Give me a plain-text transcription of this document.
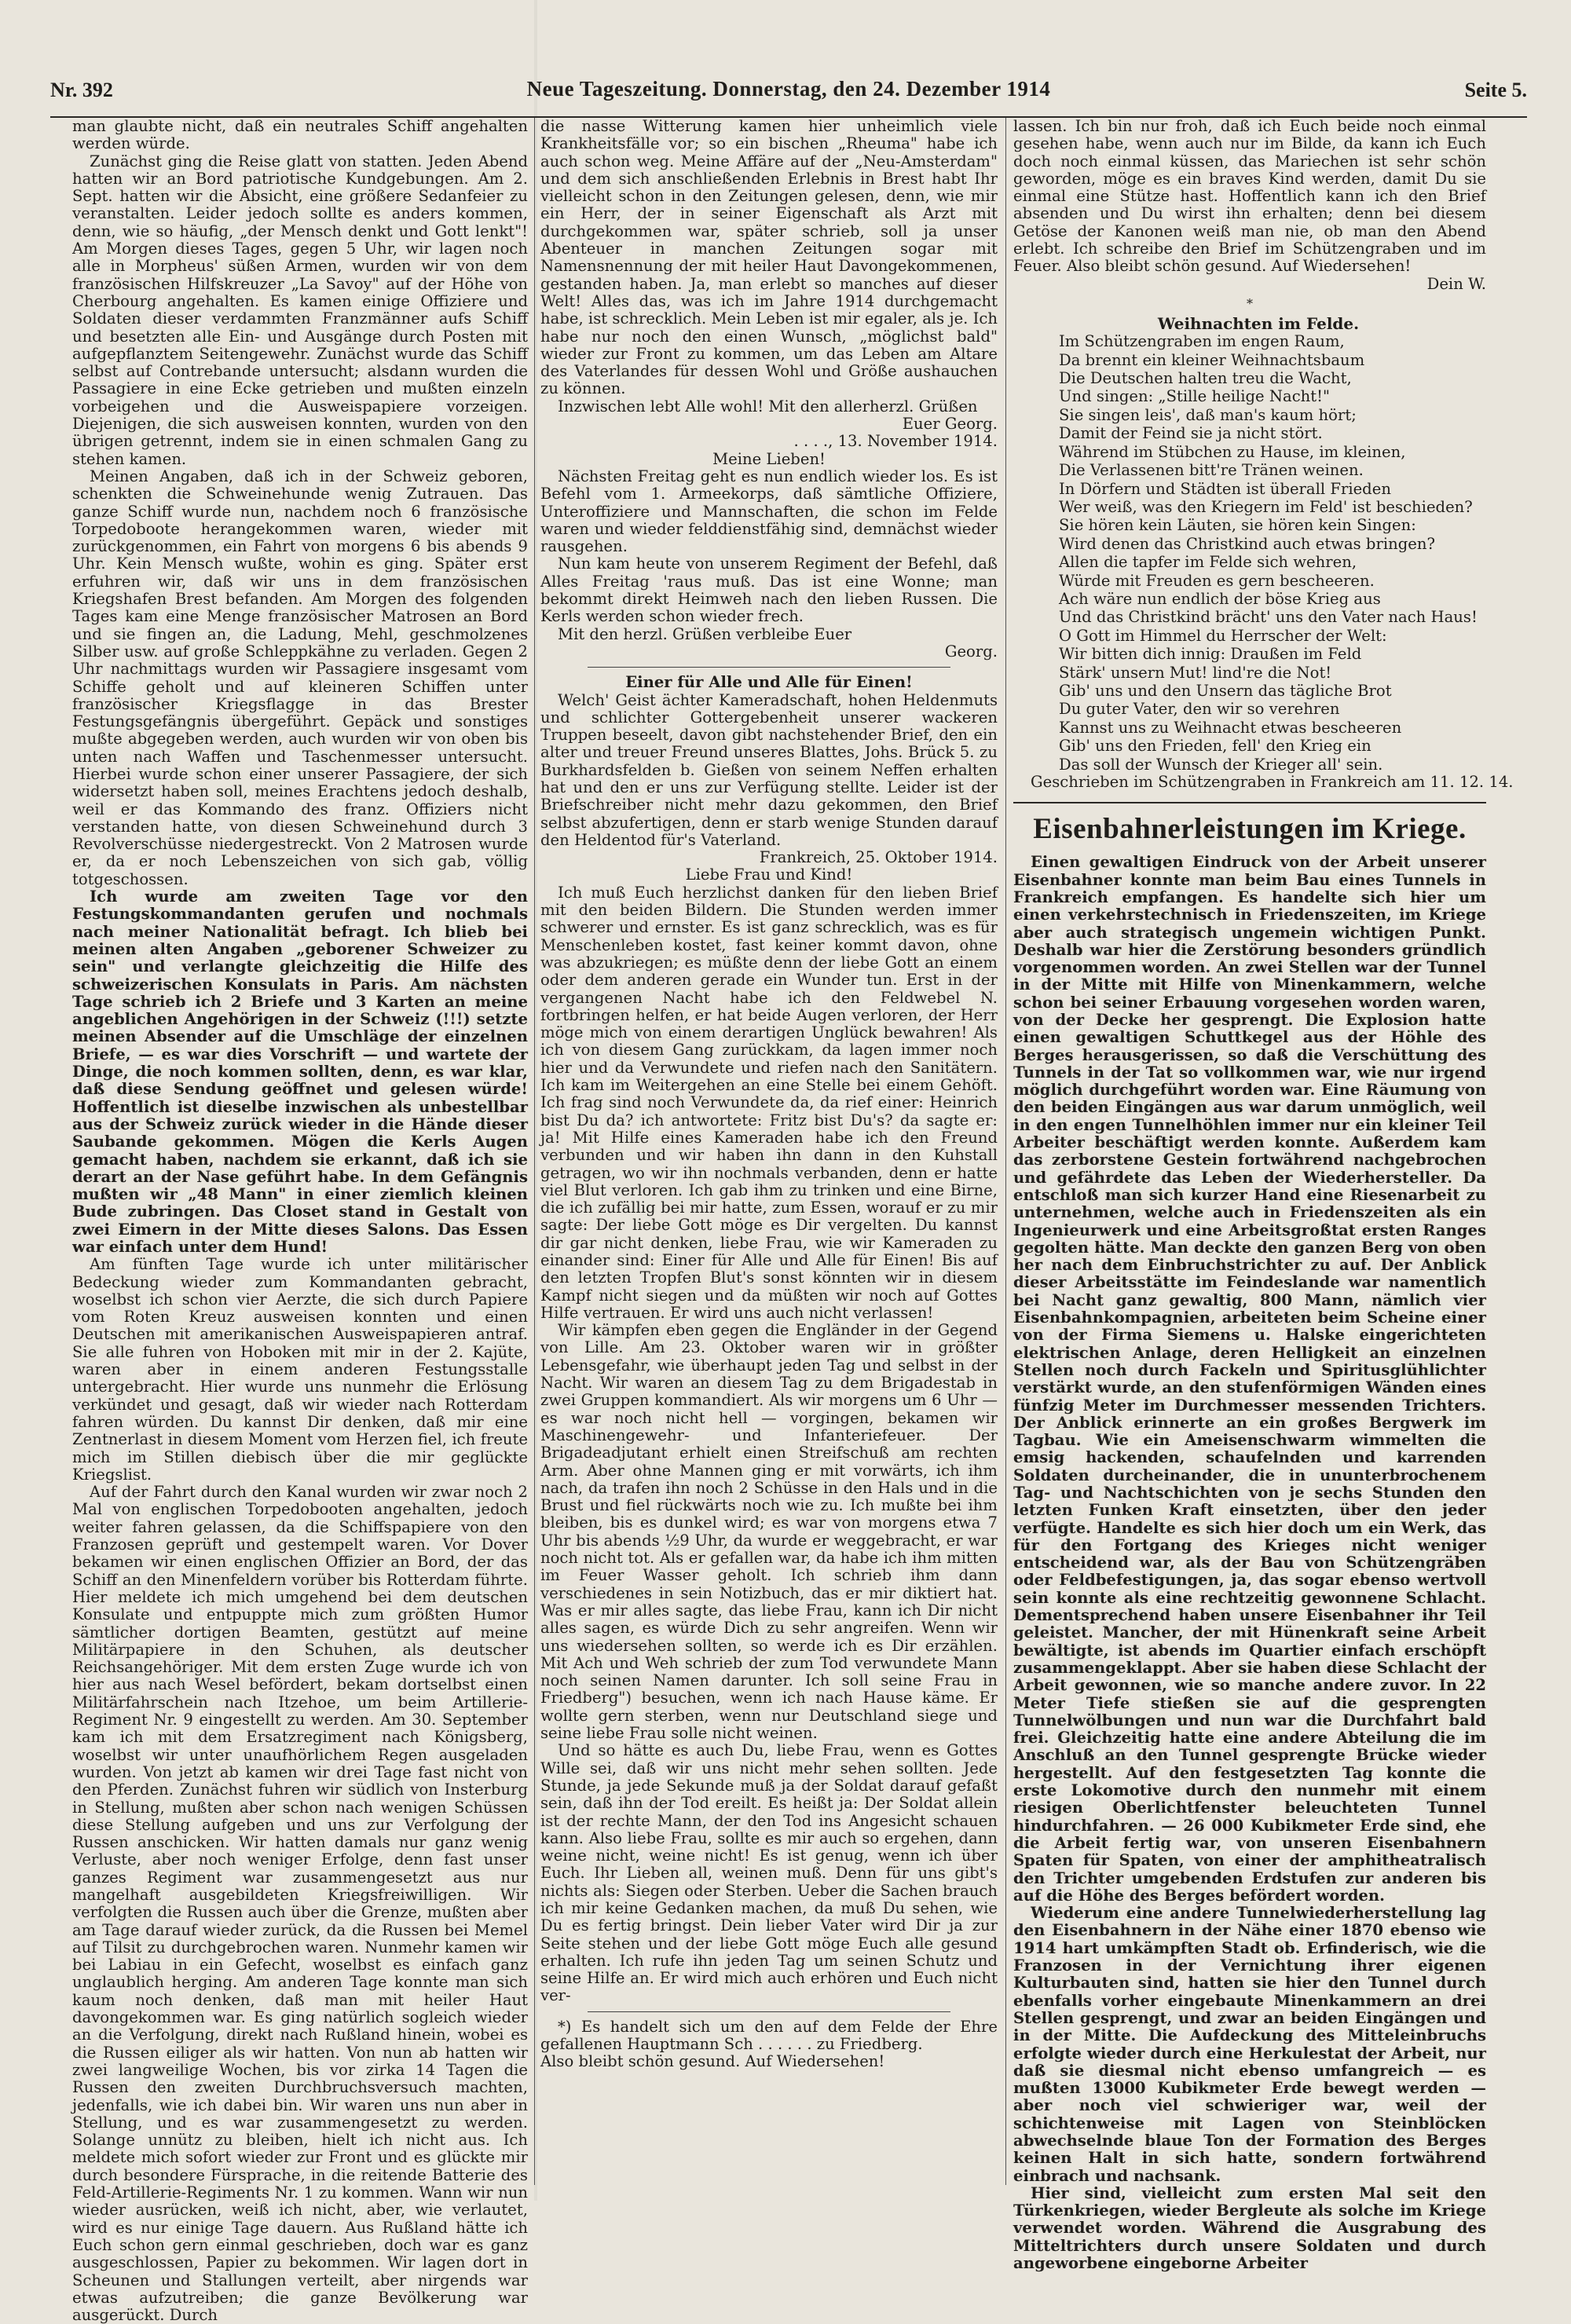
Nr. 392	Neue Tageszeitung. Donnerstag, den 24. Dezember 1914	Seite 5.

man glaubte nicht, daß ein neutrales Schiff angehalten werden würde.

Zunächst ging die Reise glatt von statten. Jeden Abend hatten wir an Bord patriotische Kundgebungen. Am 2. Sept. hatten wir die Absicht, eine größere Sedanfeier zu veranstalten. Leider jedoch sollte es anders kommen, denn, wie so häufig, „der Mensch denkt und Gott lenkt"! Am Morgen dieses Tages, gegen 5 Uhr, wir lagen noch alle in Morpheus' süßen Armen, wurden wir von dem französischen Hilfskreuzer „La Savoy" auf der Höhe von Cherbourg angehalten. Es kamen einige Offiziere und Soldaten dieser verdammten Franzmänner aufs Schiff und besetzten alle Ein- und Ausgänge durch Posten mit aufgepflanztem Seitengewehr. Zunächst wurde das Schiff selbst auf Contrebande untersucht; alsdann wurden die Passagiere in eine Ecke getrieben und mußten einzeln vorbeigehen und die Ausweispapiere vorzeigen. Diejenigen, die sich ausweisen konnten, wurden von den übrigen getrennt, indem sie in einen schmalen Gang zu stehen kamen.

Meinen Angaben, daß ich in der Schweiz geboren, schenkten die Schweinehunde wenig Zutrauen. Das ganze Schiff wurde nun, nachdem noch 6 französische Torpedoboote herangekommen waren, wieder mit zurückgenommen, ein Fahrt von morgens 6 bis abends 9 Uhr. Kein Mensch wußte, wohin es ging. Später erst erfuhren wir, daß wir uns in dem französischen Kriegshafen Brest befanden. Am Morgen des folgenden Tages kam eine Menge französischer Matrosen an Bord und sie fingen an, die Ladung, Mehl, geschmolzenes Silber usw. auf große Schleppkähne zu verladen. Gegen 2 Uhr nachmittags wurden wir Passagiere insgesamt vom Schiffe geholt und auf kleineren Schiffen unter französischer Kriegsflagge in das Brester Festungsgefängnis übergeführt. Gepäck und sonstiges mußte abgegeben werden, auch wurden wir von oben bis unten nach Waffen und Taschenmesser untersucht. Hierbei wurde schon einer unserer Passagiere, der sich widersetzt haben soll, meines Erachtens jedoch deshalb, weil er das Kommando des franz. Offiziers nicht verstanden hatte, von diesen Schweinehund durch 3 Revolverschüsse niedergestreckt. Von 2 Matrosen wurde er, da er noch Lebenszeichen von sich gab, völlig totgeschossen.

Ich wurde am zweiten Tage vor den Festungskommandanten gerufen und nochmals nach meiner Nationalität befragt. Ich blieb bei meinen alten Angaben „geborener Schweizer zu sein" und verlangte gleichzeitig die Hilfe des schweizerischen Konsulats in Paris. Am nächsten Tage schrieb ich 2 Briefe und 3 Karten an meine angeblichen Angehörigen in der Schweiz (!!!) setzte meinen Absender auf die Umschläge der einzelnen Briefe, — es war dies Vorschrift — und wartete der Dinge, die noch kommen sollten, denn, es war klar, daß diese Sendung geöffnet und gelesen würde! Hoffentlich ist dieselbe inzwischen als unbestellbar aus der Schweiz zurück wieder in die Hände dieser Saubande gekommen. Mögen die Kerls Augen gemacht haben, nachdem sie erkannt, daß ich sie derart an der Nase geführt habe. In dem Gefängnis mußten wir „48 Mann" in einer ziemlich kleinen Bude zubringen. Das Closet stand in Gestalt von zwei Eimern in der Mitte dieses Salons. Das Essen war einfach unter dem Hund!

Am fünften Tage wurde ich unter militärischer Bedeckung wieder zum Kommandanten gebracht, woselbst ich schon vier Aerzte, die sich durch Papiere vom Roten Kreuz ausweisen konnten und einen Deutschen mit amerikanischen Ausweispapieren antraf. Sie alle fuhren von Hoboken mit mir in der 2. Kajüte, waren aber in einem anderen Festungsstalle untergebracht. Hier wurde uns nunmehr die Erlösung verkündet und gesagt, daß wir wieder nach Rotterdam fahren würden. Du kannst Dir denken, daß mir eine Zentnerlast in diesem Moment vom Herzen fiel, ich freute mich im Stillen diebisch über die mir geglückte Kriegslist.

Auf der Fahrt durch den Kanal wurden wir zwar noch 2 Mal von englischen Torpedobooten angehalten, jedoch weiter fahren gelassen, da die Schiffspapiere von den Franzosen geprüft und gestempelt waren. Vor Dover bekamen wir einen englischen Offizier an Bord, der das Schiff an den Minenfeldern vorüber bis Rotterdam führte. Hier meldete ich mich umgehend bei dem deutschen Konsulate und entpuppte mich zum größten Humor sämtlicher dortigen Beamten, gestützt auf meine Militärpapiere in den Schuhen, als deutscher Reichsangehöriger. Mit dem ersten Zuge wurde ich von hier aus nach Wesel befördert, bekam dortselbst einen Militärfahrschein nach Itzehoe, um beim Artillerie-Regiment Nr. 9 eingestellt zu werden. Am 30. September kam ich mit dem Ersatzregiment nach Königsberg, woselbst wir unter unaufhörlichem Regen ausgeladen wurden. Von jetzt ab kamen wir drei Tage fast nicht von den Pferden. Zunächst fuhren wir südlich von Insterburg in Stellung, mußten aber schon nach wenigen Schüssen diese Stellung aufgeben und uns zur Verfolgung der Russen anschicken. Wir hatten damals nur ganz wenig Verluste, aber noch weniger Erfolge, denn fast unser ganzes Regiment war zusammengesetzt aus nur mangelhaft ausgebildeten Kriegsfreiwilligen. Wir verfolgten die Russen auch über die Grenze, mußten aber am Tage darauf wieder zurück, da die Russen bei Memel auf Tilsit zu durchgebrochen waren. Nunmehr kamen wir bei Labiau in ein Gefecht, woselbst es einfach ganz unglaublich herging. Am anderen Tage konnte man sich kaum noch denken, daß man mit heiler Haut davongekommen war. Es ging natürlich sogleich wieder an die Verfolgung, direkt nach Rußland hinein, wobei es die Russen eiliger als wir hatten. Von nun ab hatten wir zwei langweilige Wochen, bis vor zirka 14 Tagen die Russen den zweiten Durchbruchsversuch machten, jedenfalls, wie ich dabei bin. Wir waren uns nun aber in Stellung, und es war zusammengesetzt zu werden. Solange unnütz zu bleiben, hielt ich nicht aus. Ich meldete mich sofort wieder zur Front und es glückte mir durch besondere Fürsprache, in die reitende Batterie des Feld-Artillerie-Regiments Nr. 1 zu kommen. Wann wir nun wieder ausrücken, weiß ich nicht, aber, wie verlautet, wird es nur einige Tage dauern. Aus Rußland hätte ich Euch schon gern einmal geschrieben, doch war es ganz ausgeschlossen, Papier zu bekommen. Wir lagen dort in Scheunen und Stallungen verteilt, aber nirgends war etwas aufzutreiben; die ganze Bevölkerung war ausgerückt. Durch

die nasse Witterung kamen hier unheimlich viele Krankheitsfälle vor; so ein bischen „Rheuma" habe ich auch schon weg. Meine Affäre auf der „Neu-Amsterdam" und dem sich anschließenden Erlebnis in Brest habt Ihr vielleicht schon in den Zeitungen gelesen, denn, wie mir ein Herr, der in seiner Eigenschaft als Arzt mit durchgekommen war, später schrieb, soll ja unser Abenteuer in manchen Zeitungen sogar mit Namensnennung der mit heiler Haut Davongekommenen, gestanden haben. Ja, man erlebt so manches auf dieser Welt! Alles das, was ich im Jahre 1914 durchgemacht habe, ist schrecklich. Mein Leben ist mir egaler, als je. Ich habe nur noch den einen Wunsch, „möglichst bald" wieder zur Front zu kommen, um das Leben am Altare des Vaterlandes für dessen Wohl und Größe aushauchen zu können.

Inzwischen lebt Alle wohl! Mit den allerherzl. Grüßen

Euer Georg.

. . . ., 13. November 1914.

Meine Lieben!

Nächsten Freitag geht es nun endlich wieder los. Es ist Befehl vom 1. Armeekorps, daß sämtliche Offiziere, Unteroffiziere und Mannschaften, die schon im Felde waren und wieder felddienstfähig sind, demnächst wieder rausgehen.

Nun kam heute von unserem Regiment der Befehl, daß Alles Freitag 'raus muß. Das ist eine Wonne; man bekommt direkt Heimweh nach den lieben Russen. Die Kerls werden schon wieder frech.

Mit den herzl. Grüßen verbleibe Euer

Georg.

Einer für Alle und Alle für Einen!

Welch' Geist ächter Kameradschaft, hohen Heldenmuts und schlichter Gottergebenheit unserer wackeren Truppen beseelt, davon gibt nachstehender Brief, den ein alter und treuer Freund unseres Blattes, Johs. Brück 5. zu Burkhardsfelden b. Gießen von seinem Neffen erhalten hat und den er uns zur Verfügung stellte. Leider ist der Briefschreiber nicht mehr dazu gekommen, den Brief selbst abzufertigen, denn er starb wenige Stunden darauf den Heldentod für's Vaterland.

Frankreich, 25. Oktober 1914.

Liebe Frau und Kind!

Ich muß Euch herzlichst danken für den lieben Brief mit den beiden Bildern. Die Stunden werden immer schwerer und ernster. Es ist ganz schrecklich, was es für Menschenleben kostet, fast keiner kommt davon, ohne was abzukriegen; es müßte denn der liebe Gott an einem oder dem anderen gerade ein Wunder tun. Erst in der vergangenen Nacht habe ich den Feldwebel N. fortbringen helfen, er hat beide Augen verloren, der Herr möge mich von einem derartigen Unglück bewahren! Als ich von diesem Gang zurückkam, da lagen immer noch hier und da Verwundete und riefen nach den Sanitätern. Ich kam im Weitergehen an eine Stelle bei einem Gehöft. Ich frag sind noch Verwundete da, da rief einer: Heinrich bist Du da? ich antwortete: Fritz bist Du's? da sagte er: ja! Mit Hilfe eines Kameraden habe ich den Freund verbunden und wir haben ihn dann in den Kuhstall getragen, wo wir ihn nochmals verbanden, denn er hatte viel Blut verloren. Ich gab ihm zu trinken und eine Birne, die ich zufällig bei mir hatte, zum Essen, worauf er zu mir sagte: Der liebe Gott möge es Dir vergelten. Du kannst dir gar nicht denken, liebe Frau, wie wir Kameraden zu einander sind: Einer für Alle und Alle für Einen! Bis auf den letzten Tropfen Blut's sonst könnten wir in diesem Kampf nicht siegen und da müßten wir noch auf Gottes Hilfe vertrauen. Er wird uns auch nicht verlassen!

Wir kämpfen eben gegen die Engländer in der Gegend von Lille. Am 23. Oktober waren wir in größter Lebensgefahr, wie überhaupt jeden Tag und selbst in der Nacht. Wir waren an diesem Tag zu dem Brigadestab in zwei Gruppen kommandiert. Als wir morgens um 6 Uhr — es war noch nicht hell — vorgingen, bekamen wir Maschinengewehr- und Infanteriefeuer. Der Brigadeadjutant erhielt einen Streifschuß am rechten Arm. Aber ohne Mannen ging er mit vorwärts, ich ihm nach, da trafen ihn noch 2 Schüsse in den Hals und in die Brust und fiel rückwärts noch wie zu. Ich mußte bei ihm bleiben, bis es dunkel wird; es war von morgens etwa 7 Uhr bis abends ½9 Uhr, da wurde er weggebracht, er war noch nicht tot. Als er gefallen war, da habe ich ihm mitten im Feuer Wasser geholt. Ich schrieb ihm dann verschiedenes in sein Notizbuch, das er mir diktiert hat. Was er mir alles sagte, das liebe Frau, kann ich Dir nicht alles sagen, es würde Dich zu sehr angreifen. Wenn wir uns wiedersehen sollten, so werde ich es Dir erzählen. Mit Ach und Weh schrieb der zum Tod verwundete Mann noch seinen Namen darunter. Ich soll seine Frau in Friedberg") besuchen, wenn ich nach Hause käme. Er wollte gern sterben, wenn nur Deutschland siege und seine liebe Frau solle nicht weinen.

Und so hätte es auch Du, liebe Frau, wenn es Gottes Wille sei, daß wir uns nicht mehr sehen sollten. Jede Stunde, ja jede Sekunde muß ja der Soldat darauf gefaßt sein, daß ihn der Tod ereilt. Es heißt ja: Der Soldat allein ist der rechte Mann, der den Tod ins Angesicht schauen kann. Also liebe Frau, sollte es mir auch so ergehen, dann weine nicht, weine nicht! Es ist genug, wenn ich über Euch. Ihr Lieben all, weinen muß. Denn für uns gibt's nichts als: Siegen oder Sterben. Ueber die Sachen brauch ich mir keine Gedanken machen, da muß Du sehen, wie Du es fertig bringst. Dein lieber Vater wird Dir ja zur Seite stehen und der liebe Gott möge Euch alle gesund erhalten. Ich rufe ihn jeden Tag um seinen Schutz und seine Hilfe an. Er wird mich auch erhören und Euch nicht ver-

*) Es handelt sich um den auf dem Felde der Ehre gefallenen Hauptmann Sch . . . . . . zu Friedberg.

Also bleibt schön gesund. Auf Wiedersehen!

lassen. Ich bin nur froh, daß ich Euch beide noch einmal gesehen habe, wenn auch nur im Bilde, da kann ich Euch doch noch einmal küssen, das Mariechen ist sehr schön geworden, möge es ein braves Kind werden, damit Du sie einmal eine Stütze hast. Hoffentlich kann ich den Brief absenden und Du wirst ihn erhalten; denn bei diesem Getöse der Kanonen weiß man nie, ob man den Abend erlebt. Ich schreibe den Brief im Schützengraben und im Feuer. Also bleibt schön gesund. Auf Wiedersehen!

Dein W.

*

Weihnachten im Felde.

Im Schützengraben im engen Raum,
Da brennt ein kleiner Weihnachtsbaum
Die Deutschen halten treu die Wacht,
Und singen: „Stille heilige Nacht!"
Sie singen leis', daß man's kaum hört;
Damit der Feind sie ja nicht stört.
Während im Stübchen zu Hause, im kleinen,
Die Verlassenen bitt're Tränen weinen.
In Dörfern und Städten ist überall Frieden
Wer weiß, was den Kriegern im Feld' ist beschieden?
Sie hören kein Läuten, sie hören kein Singen:
Wird denen das Christkind auch etwas bringen?
Allen die tapfer im Felde sich wehren,
Würde mit Freuden es gern bescheeren.
Ach wäre nun endlich der böse Krieg aus
Und das Christkind brächt' uns den Vater nach Haus!
O Gott im Himmel du Herrscher der Welt:
Wir bitten dich innig: Draußen im Feld
Stärk' unsern Mut! lind're die Not!
Gib' uns und den Unsern das tägliche Brot
Du guter Vater, den wir so verehren
Kannst uns zu Weihnacht etwas bescheeren
Gib' uns den Frieden, fell' den Krieg ein
Das soll der Wunsch der Krieger all' sein.

Geschrieben im Schützengraben in Frankreich am 11. 12. 14.

Eisenbahnerleistungen im Kriege.

Einen gewaltigen Eindruck von der Arbeit unserer Eisenbahner konnte man beim Bau eines Tunnels in Frankreich empfangen. Es handelte sich hier um einen verkehrstechnisch in Friedenszeiten, im Kriege aber auch strategisch ungemein wichtigen Punkt. Deshalb war hier die Zerstörung besonders gründlich vorgenommen worden. An zwei Stellen war der Tunnel in der Mitte mit Hilfe von Minenkammern, welche schon bei seiner Erbauung vorgesehen worden waren, von der Decke her gesprengt. Die Explosion hatte einen gewaltigen Schuttkegel aus der Höhle des Berges herausgerissen, so daß die Verschüttung des Tunnels in der Tat so vollkommen war, wie nur irgend möglich durchgeführt worden war. Eine Räumung von den beiden Eingängen aus war darum unmöglich, weil in den engen Tunnelhöhlen immer nur ein kleiner Teil Arbeiter beschäftigt werden konnte. Außerdem kam das zerborstene Gestein fortwährend nachgebrochen und gefährdete das Leben der Wiederhersteller. Da entschloß man sich kurzer Hand eine Riesenarbeit zu unternehmen, welche auch in Friedenszeiten als ein Ingenieurwerk und eine Arbeitsgroßtat ersten Ranges gegolten hätte. Man deckte den ganzen Berg von oben her nach dem Einbruchstrichter zu auf. Der Anblick dieser Arbeitsstätte im Feindeslande war namentlich bei Nacht ganz gewaltig, 800 Mann, nämlich vier Eisenbahnkompagnien, arbeiteten beim Scheine einer von der Firma Siemens u. Halske eingerichteten elektrischen Anlage, deren Helligkeit an einzelnen Stellen noch durch Fackeln und Spiritusglühlichter verstärkt wurde, an den stufenförmigen Wänden eines fünfzig Meter im Durchmesser messenden Trichters. Der Anblick erinnerte an ein großes Bergwerk im Tagbau. Wie ein Ameisenschwarm wimmelten die emsig hackenden, schaufelnden und karrenden Soldaten durcheinander, die in ununterbrochenem Tag- und Nachtschichten von je sechs Stunden den letzten Funken Kraft einsetzten, über den jeder verfügte. Handelte es sich hier doch um ein Werk, das für den Fortgang des Krieges nicht weniger entscheidend war, als der Bau von Schützengräben oder Feldbefestigungen, ja, das sogar ebenso wertvoll sein konnte als eine rechtzeitig gewonnene Schlacht. Dementsprechend haben unsere Eisenbahner ihr Teil geleistet. Mancher, der mit Hünenkraft seine Arbeit bewältigte, ist abends im Quartier einfach erschöpft zusammengeklappt. Aber sie haben diese Schlacht der Arbeit gewonnen, wie so manche andere zuvor. In 22 Meter Tiefe stießen sie auf die gesprengten Tunnelwölbungen und nun war die Durchfahrt bald frei. Gleichzeitig hatte eine andere Abteilung die im Anschluß an den Tunnel gesprengte Brücke wieder hergestellt. Auf den festgesetzten Tag konnte die erste Lokomotive durch den nunmehr mit einem riesigen Oberlichtfenster beleuchteten Tunnel hindurchfahren. — 26 000 Kubikmeter Erde sind, ehe die Arbeit fertig war, von unseren Eisenbahnern Spaten für Spaten, von einer der amphitheatralisch den Trichter umgebenden Erdstufen zur anderen bis auf die Höhe des Berges befördert worden.

Wiederum eine andere Tunnelwiederherstellung lag den Eisenbahnern in der Nähe einer 1870 ebenso wie 1914 hart umkämpften Stadt ob. Erfinderisch, wie die Franzosen in der Vernichtung ihrer eigenen Kulturbauten sind, hatten sie hier den Tunnel durch ebenfalls vorher eingebaute Minenkammern an drei Stellen gesprengt, und zwar an beiden Eingängen und in der Mitte. Die Aufdeckung des Mitteleinbruchs erfolgte wieder durch eine Herkulestat der Arbeit, nur daß sie diesmal nicht ebenso umfangreich — es mußten 13000 Kubikmeter Erde bewegt werden — aber noch viel schwieriger war, weil der schichtenweise mit Lagen von Steinblöcken abwechselnde blaue Ton der Formation des Berges keinen Halt in sich hatte, sondern fortwährend einbrach und nachsank.

Hier sind, vielleicht zum ersten Mal seit den Türkenkriegen, wieder Bergleute als solche im Kriege verwendet worden. Während die Ausgrabung des Mitteltrichters durch unsere Soldaten und durch angeworbene eingeborne Arbeiter
